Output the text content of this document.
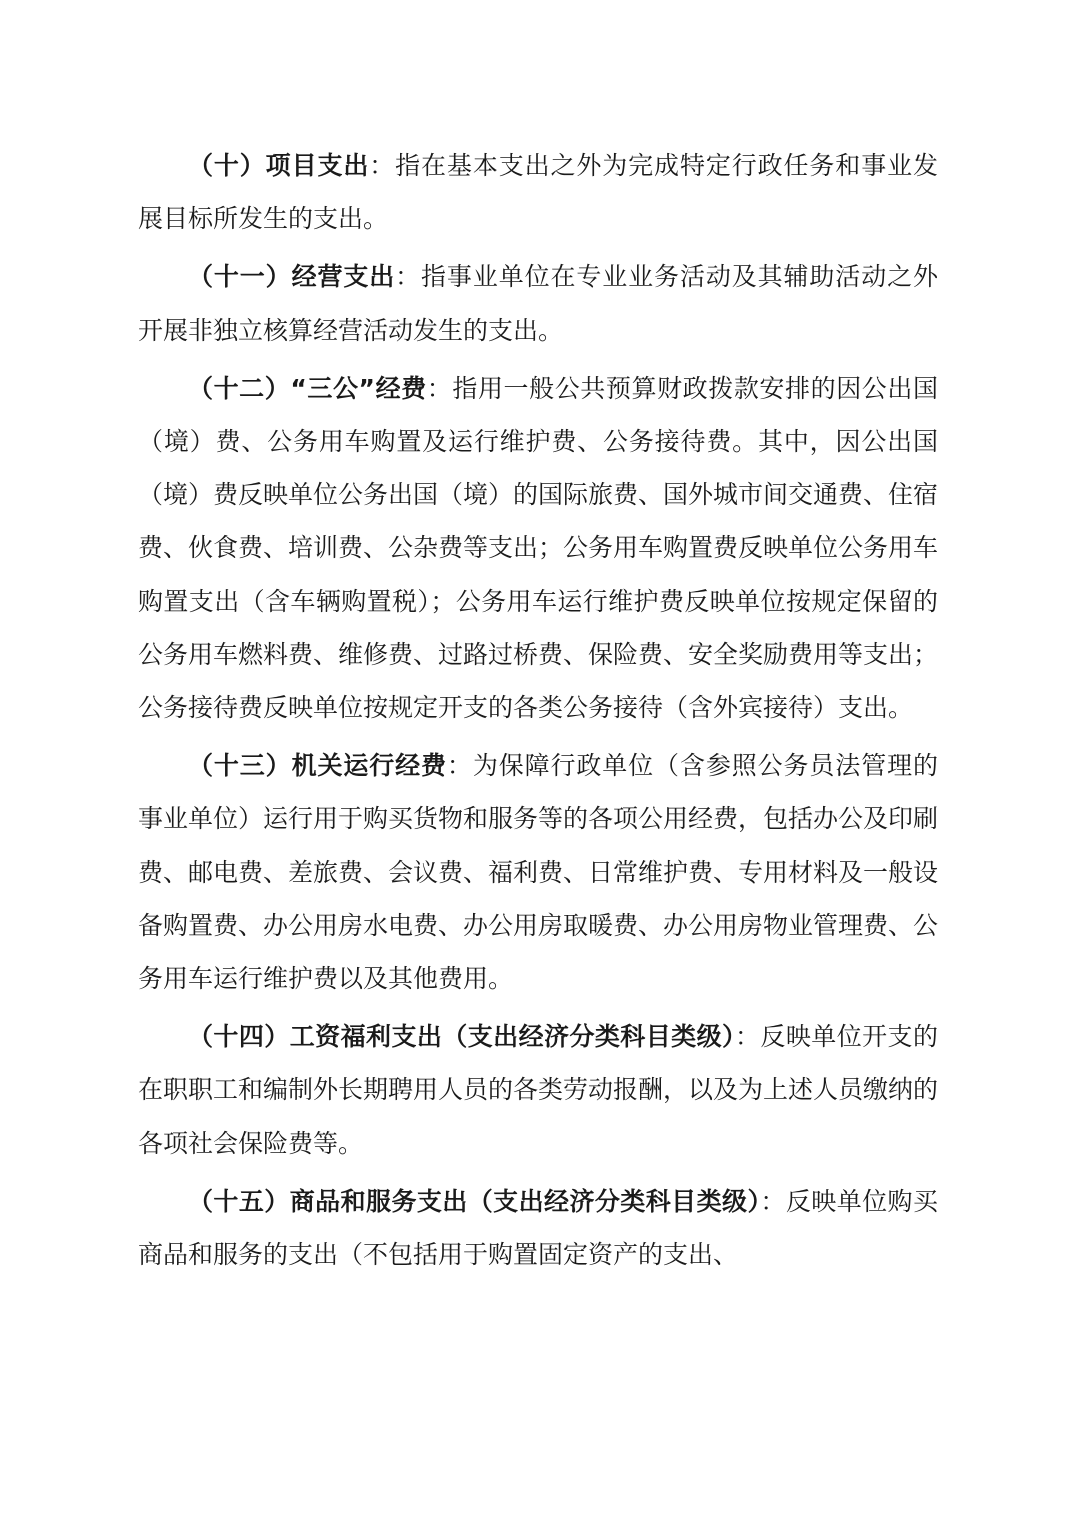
（十）项目支出：指在基本支出之外为完成特定行政任务和事业发展目标所发生的支出。

（十一）经营支出：指事业单位在专业业务活动及其辅助活动之外开展非独立核算经营活动发生的支出。

（十二）“三公”经费：指用一般公共预算财政拨款安排的因公出国（境）费、公务用车购置及运行维护费、公务接待费。其中，因公出国（境）费反映单位公务出国（境）的国际旅费、国外城市间交通费、住宿费、伙食费、培训费、公杂费等支出；公务用车购置费反映单位公务用车购置支出（含车辆购置税）；公务用车运行维护费反映单位按规定保留的公务用车燃料费、维修费、过路过桥费、保险费、安全奖励费用等支出；公务接待费反映单位按规定开支的各类公务接待（含外宾接待）支出。

（十三）机关运行经费：为保障行政单位（含参照公务员法管理的事业单位）运行用于购买货物和服务等的各项公用经费，包括办公及印刷费、邮电费、差旅费、会议费、福利费、日常维护费、专用材料及一般设备购置费、办公用房水电费、办公用房取暖费、办公用房物业管理费、公务用车运行维护费以及其他费用。

（十四）工资福利支出（支出经济分类科目类级）：反映单位开支的在职职工和编制外长期聘用人员的各类劳动报酬，以及为上述人员缴纳的各项社会保险费等。

（十五）商品和服务支出（支出经济分类科目类级）：反映单位购买商品和服务的支出（不包括用于购置固定资产的支出、
